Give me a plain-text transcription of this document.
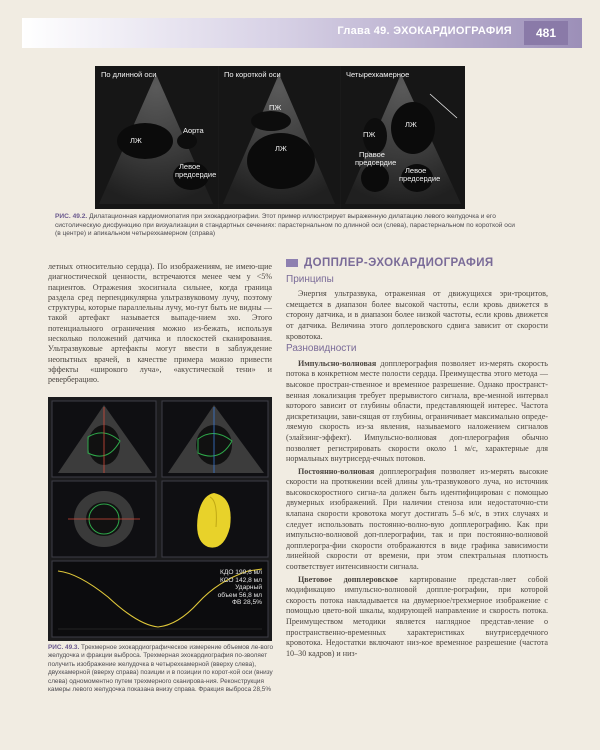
Глава 49. ЭХОКАРДИОГРАФИЯ	481
По длинной оси
ЛЖ
Аорта
Левое
предсердие
По короткой оси
ПЖ
ЛЖ
Четырехкамерное
ПЖ
ЛЖ
Правое
предсердие
Левое
предсердие
РИС. 49.2. Дилатационная кардиомиопатия при эхокардиографии. Этот пример иллюстрирует выраженную дилатацию левого желудочка и его систолическую дисфункцию при визуализации в стандартных сечениях: парастернальном по длинной оси (слева), парастернальном по короткой оси (в центре) и апикальном четырехкамерном (справа)

летных относительно сердца). По изображениям, не имею-щие диагностической ценности, встречаются менее чем у <5% пациентов. Отражения эхосигнала сильнее, когда граница раздела сред перпендикулярна ультразвуковому лучу, поэтому структуры, которые параллельны лучу, мо-гут быть не видны — такой артефакт называется выпаде-нием эхо. Этого потенциального ограничения можно из-бежать, используя несколько положений датчика и плоскостей сканирования. Ультразвуковые артефакты могут ввести в заблуждение неопытных врачей, в качестве примера можно привести эффекты «широкого луча», «акустической тени» и реверберацию.

КДО 199,6 мл
КСО 142,8 мл
Ударный
объем 56,8 мл
ФВ 28,5%
РИС. 49.3. Трехмерное эхокардиографическое измерение объемов ле-вого желудочка и фракции выброса. Трехмерная эхокардиография по-зволяет получить изображение желудочка в четырехкамерной (вверху слева), двухкамерной (вверху справа) позиции и в позиции по корот-кой оси (внизу слева) одномоментно путем трехмерного сканирова-ния. Реконструкция камеры левого желудочка показана внизу справа. Фракция выброса 28,5%
ДОППЛЕР-ЭХОКАРДИОГРАФИЯ
Принципы

Энергия ультразвука, отраженная от движущихся эри-троцитов, смещается в диапазон более высокой частоты, если кровь движется в сторону датчика, и в диапазон более низкой частоты, если кровь движется от датчика. Величина этого доплеровского сдвига зависит от скорости кровотока.

Разновидности

Импульсно-волновая допплерография позволяет из-мерять скорость потока в конкретном месте полости сердца. Преимущества этого метода — высокое простран-ственное и временное разрешение. Однако пространст-венная локализация требует прерывистого сигнала, вре-менной интервал которого зависит от глубины области, представляющей интерес. Частота дискретизации, зави-сящая от глубины, ограничивает максимально опреде-ляемую скорость из-за явления, называемого наложением сигналов (элайзинг-эффект). Импульсно-волновая доп-плерография обычно позволяет регистрировать скорости около 1 м/с, характерные для нормальных внутрисерд-ечных потоков.

Постоянно-волновая допплерография позволяет из-мерять высокие скорости на протяжении всей длины уль-тразвукового луча, но источник высокоскоростного сигна-ла должен быть идентифицирован с помощью двумерных изображений. При наличии стеноза или недостаточно-сти клапана скорости кровотока могут достигать 5–6 м/с, в этих случаях и следует использовать постоянно-волно-вую допплерографию. Как при импульсно-волновой доп-плерографии, так и при постоянно-волновой допплерогра-фии скорости отображаются в виде графика зависимости линейной скорости от времени, при этом спектральная плотность соответствует интенсивности сигнала.

Цветовое допплеровское картирование представ-ляет собой модификацию импульсно-волновой доппле-рографии, при которой скорость потока накладывается на двумерное/трехмерное изображение с помощью цвето-вой шкалы, кодирующей направление и скорость потока. Преимуществом методики является наглядное представ-ление о пространственно-временных характеристиках внутрисердечного кровотока. Недостатки включают низ-кое временное разрешение (частота 10–30 кадров) и низ-
